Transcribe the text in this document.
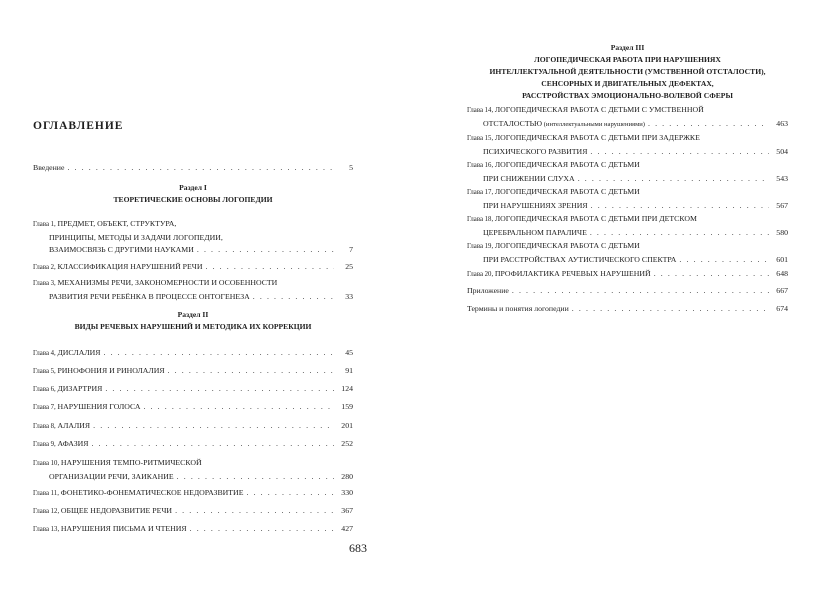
ОГЛАВЛЕНИЕ
683
Введение . . .	5
Раздел I
ТЕОРЕТИЧЕСКИЕ ОСНОВЫ ЛОГОПЕДИИ
Раздел II
ВИДЫ РЕЧЕВЫХ НАРУШЕНИЙ И МЕТОДИКА ИХ КОРРЕКЦИИ
Глава 1, ПРЕДМЕТ, ОБЪЕКТ, СТРУКТУРА,
ПРИНЦИПЫ, МЕТОДЫ И ЗАДАЧИ ЛОГОПЕДИИ,
ВЗАИМОСВЯЗЬ С ДРУГИМИ НАУКАМИ . . .	7
Глава 2, КЛАССИФИКАЦИЯ НАРУШЕНИЙ РЕЧИ . . .	25
Глава 3, МЕХАНИЗМЫ РЕЧИ, ЗАКОНОМЕРНОСТИ И ОСОБЕННОСТИ
РАЗВИТИЯ РЕЧИ РЕБЁНКА В ПРОЦЕССЕ ОНТОГЕНЕЗА . . .	33
Глава 4, ДИСЛАЛИЯ . . .	45
Глава 5, РИНОФОНИЯ И РИНОЛАЛИЯ . . .	91
Глава 6, ДИЗАРТРИЯ . . .	124
Глава 7, НАРУШЕНИЯ ГОЛОСА . . .	159
Глава 8, АЛАЛИЯ . . .	201
Глава 9, АФАЗИЯ . . .	252
Глава 10, НАРУШЕНИЯ ТЕМПО-РИТМИЧЕСКОЙ
ОРГАНИЗАЦИИ РЕЧИ, ЗАИКАНИЕ . . .	280
Глава 11, ФОНЕТИКО-ФОНЕМАТИЧЕСКОЕ НЕДОРАЗВИТИЕ . . .	330
Глава 12, ОБЩЕЕ НЕДОРАЗВИТИЕ РЕЧИ . . .	367
Глава 13, НАРУШЕНИЯ ПИСЬМА И ЧТЕНИЯ . . .	427
Раздел III
ЛОГОПЕДИЧЕСКАЯ РАБОТА ПРИ НАРУШЕНИЯХ
ИНТЕЛЛЕКТУАЛЬНОЙ ДЕЯТЕЛЬНОСТИ (УМСТВЕННОЙ ОТСТАЛОСТИ),
СЕНСОРНЫХ И ДВИГАТЕЛЬНЫХ ДЕФЕКТАХ,
РАССТРОЙСТВАХ ЭМОЦИОНАЛЬНО-ВОЛЕВОЙ СФЕРЫ
Глава 14, ЛОГОПЕДИЧЕСКАЯ РАБОТА С ДЕТЬМИ С УМСТВЕННОЙ
ОТСТАЛОСТЬЮ (интеллектуальными нарушениями) . . .	463
Глава 15, ЛОГОПЕДИЧЕСКАЯ РАБОТА С ДЕТЬМИ ПРИ ЗАДЕРЖКЕ
ПСИХИЧЕСКОГО РАЗВИТИЯ . . .	504
Глава 16, ЛОГОПЕДИЧЕСКАЯ РАБОТА С ДЕТЬМИ
ПРИ СНИЖЕНИИ СЛУХА . . .	543
Глава 17, ЛОГОПЕДИЧЕСКАЯ РАБОТА С ДЕТЬМИ
ПРИ НАРУШЕНИЯХ ЗРЕНИЯ . . .	567
Глава 18, ЛОГОПЕДИЧЕСКАЯ РАБОТА С ДЕТЬМИ ПРИ ДЕТСКОМ
ЦЕРЕБРАЛЬНОМ ПАРАЛИЧЕ . . .	580
Глава 19, ЛОГОПЕДИЧЕСКАЯ РАБОТА С ДЕТЬМИ
ПРИ РАССТРОЙСТВАХ АУТИСТИЧЕСКОГО СПЕКТРА . . .	601
Глава 20, ПРОФИЛАКТИКА РЕЧЕВЫХ НАРУШЕНИЙ . . .	648
Приложение . . .	667
Термины и понятия логопедии . . .	674
